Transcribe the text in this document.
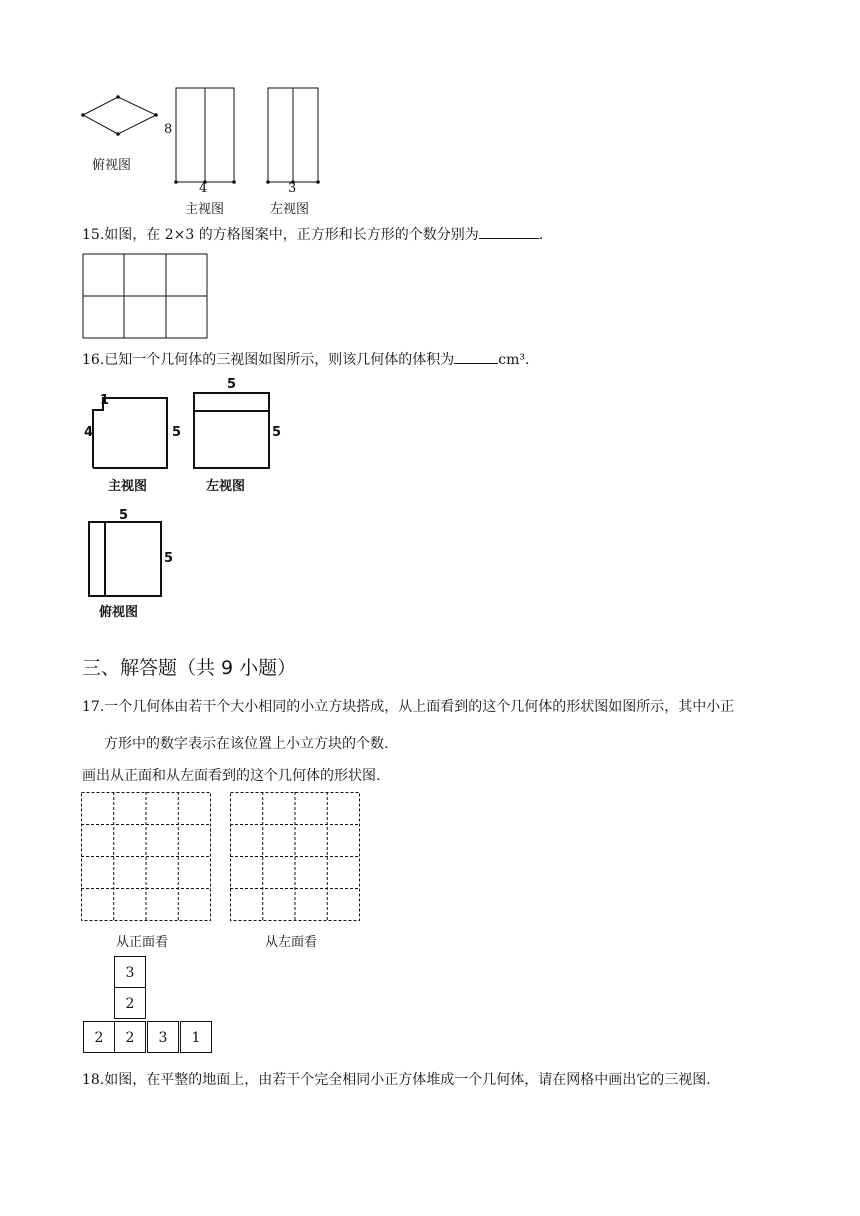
俯视图
8
4
主视图
3
左视图
15.如图，在 2×3 的方格图案中，正方形和长方形的个数分别为	.
16.已知一个几何体的三视图如图所示，则该几何体的体积为	cm³.
1
4	5
主视图
5
5
左视图
5
5
俯视图
三、解答题（共 9 小题）
17.一个几何体由若干个大小相同的小立方块搭成，从上面看到的这个几何体的形状图如图所示，其中小正
方形中的数字表示在该位置上小立方块的个数.
画出从正面和从左面看到的这个几何体的形状图.
从正面看	从左面看
3
2
2	2	3	1
18.如图，在平整的地面上，由若干个完全相同小正方体堆成一个几何体，请在网格中画出它的三视图.
